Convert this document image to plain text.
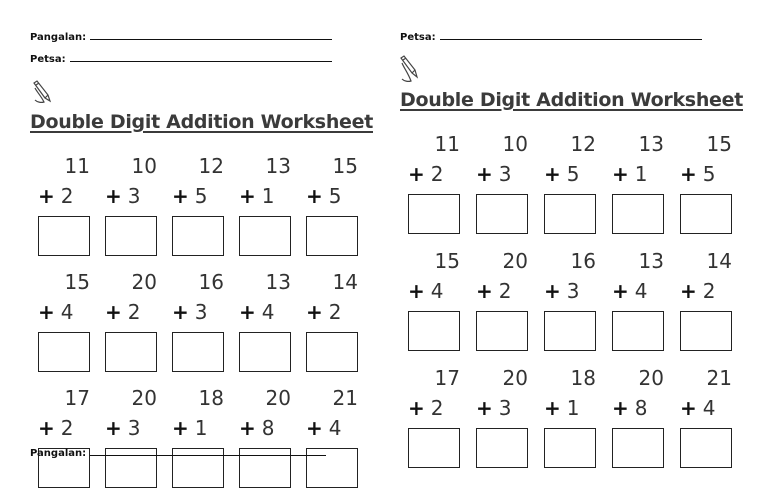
Pangalan:
Petsa:
Double Digit Addition Worksheet
11
+ 2
10
+ 3
12
+ 5
13
+ 1
15
+ 5
15
+ 4
20
+ 2
16
+ 3
13
+ 4
14
+ 2
17
+ 2
20
+ 3
18
+ 1
20
+ 8
21
+ 4
Pangalan:
Petsa:
Double Digit Addition Worksheet
11
+ 2
10
+ 3
12
+ 5
13
+ 1
15
+ 5
15
+ 4
20
+ 2
16
+ 3
13
+ 4
14
+ 2
17
+ 2
20
+ 3
18
+ 1
20
+ 8
21
+ 4
